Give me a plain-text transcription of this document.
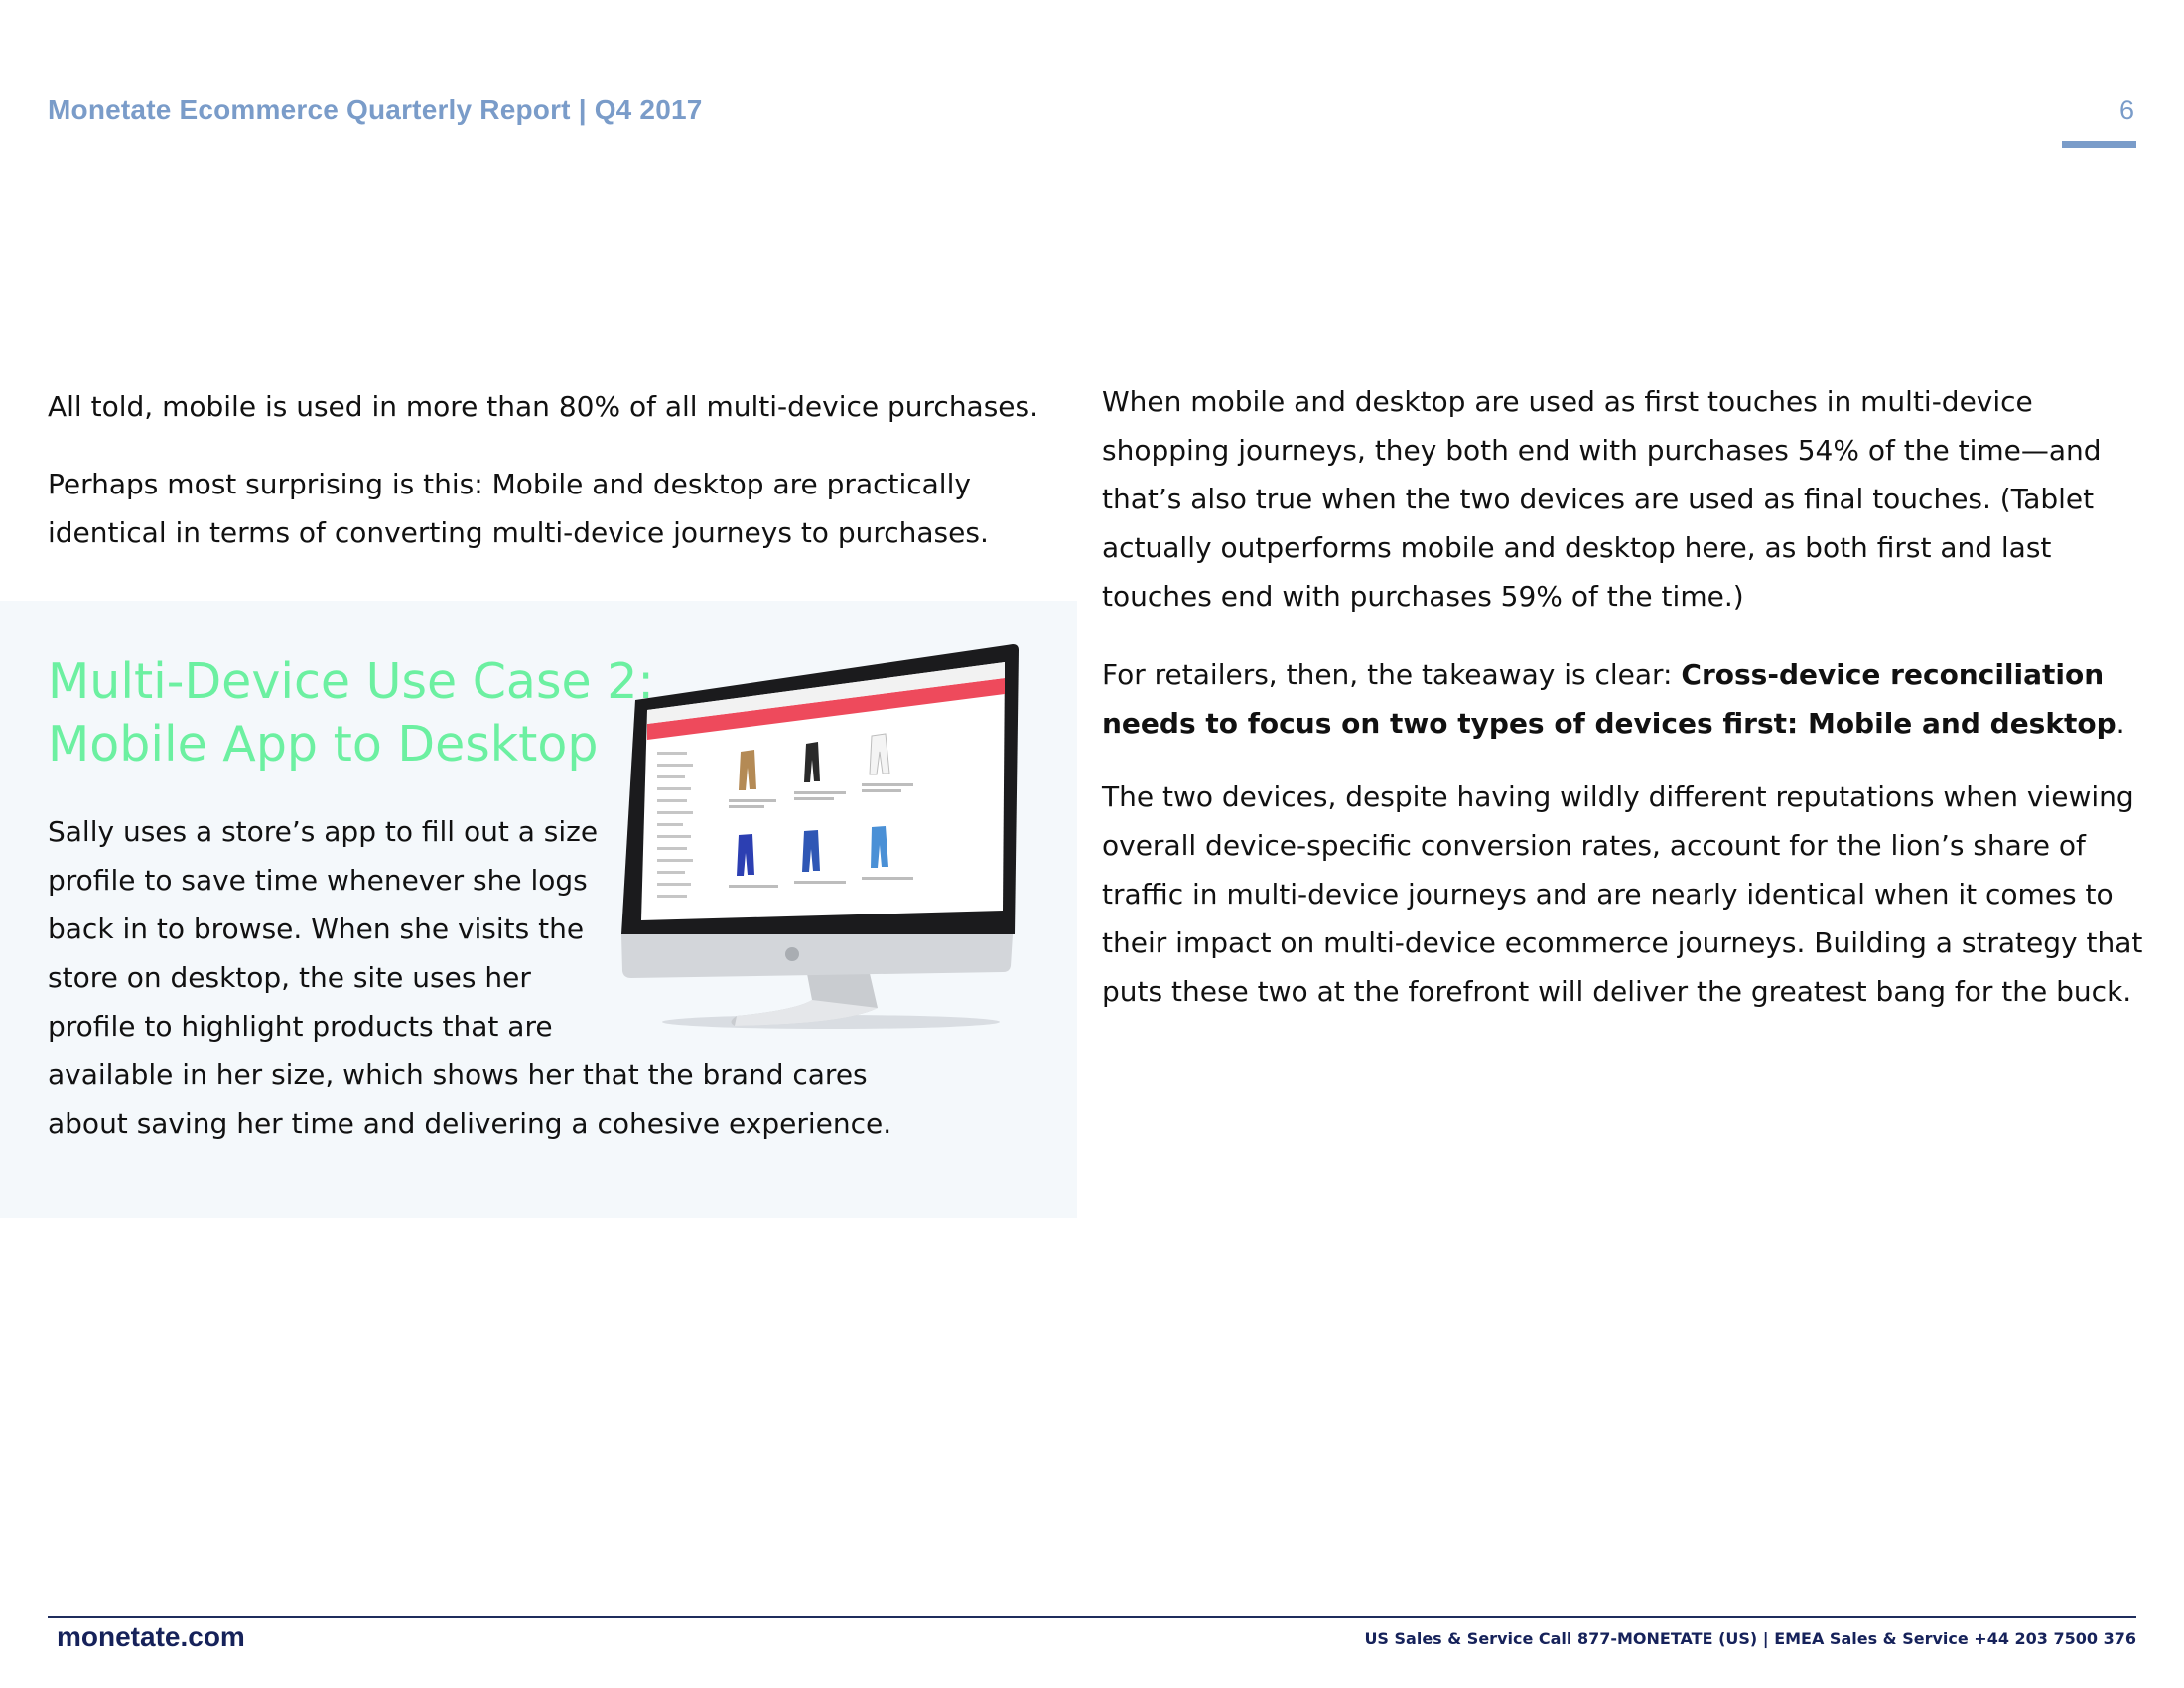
Monetate Ecommerce Quarterly Report | Q4 2017	6

All told, mobile is used in more than 80% of all multi-device purchases.

Perhaps most surprising is this: Mobile and desktop are practically identical in terms of converting multi-device journeys to purchases.

Multi-Device Use Case 2:
Mobile App to Desktop

Sally uses a store’s app to fill out a size profile to save time whenever she logs back in to browse. When she visits the store on desktop, the site uses her profile to highlight products that are available in her size, which shows her that the brand cares about saving her time and delivering a cohesive experience.

When mobile and desktop are used as first touches in multi-device shopping journeys, they both end with purchases 54% of the time—and that’s also true when the two devices are used as final touches. (Tablet actually outperforms mobile and desktop here, as both first and last touches end with purchases 59% of the time.)

For retailers, then, the takeaway is clear: Cross-device reconciliation needs to focus on two types of devices first: Mobile and desktop.

The two devices, despite having wildly different reputations when viewing overall device-specific conversion rates, account for the lion’s share of traffic in multi-device journeys and are nearly identical when it comes to their impact on multi-device ecommerce journeys. Building a strategy that puts these two at the forefront will deliver the greatest bang for the buck.

monetate.com	US Sales & Service Call 877-MONETATE (US) | EMEA Sales & Service +44 203 7500 376
